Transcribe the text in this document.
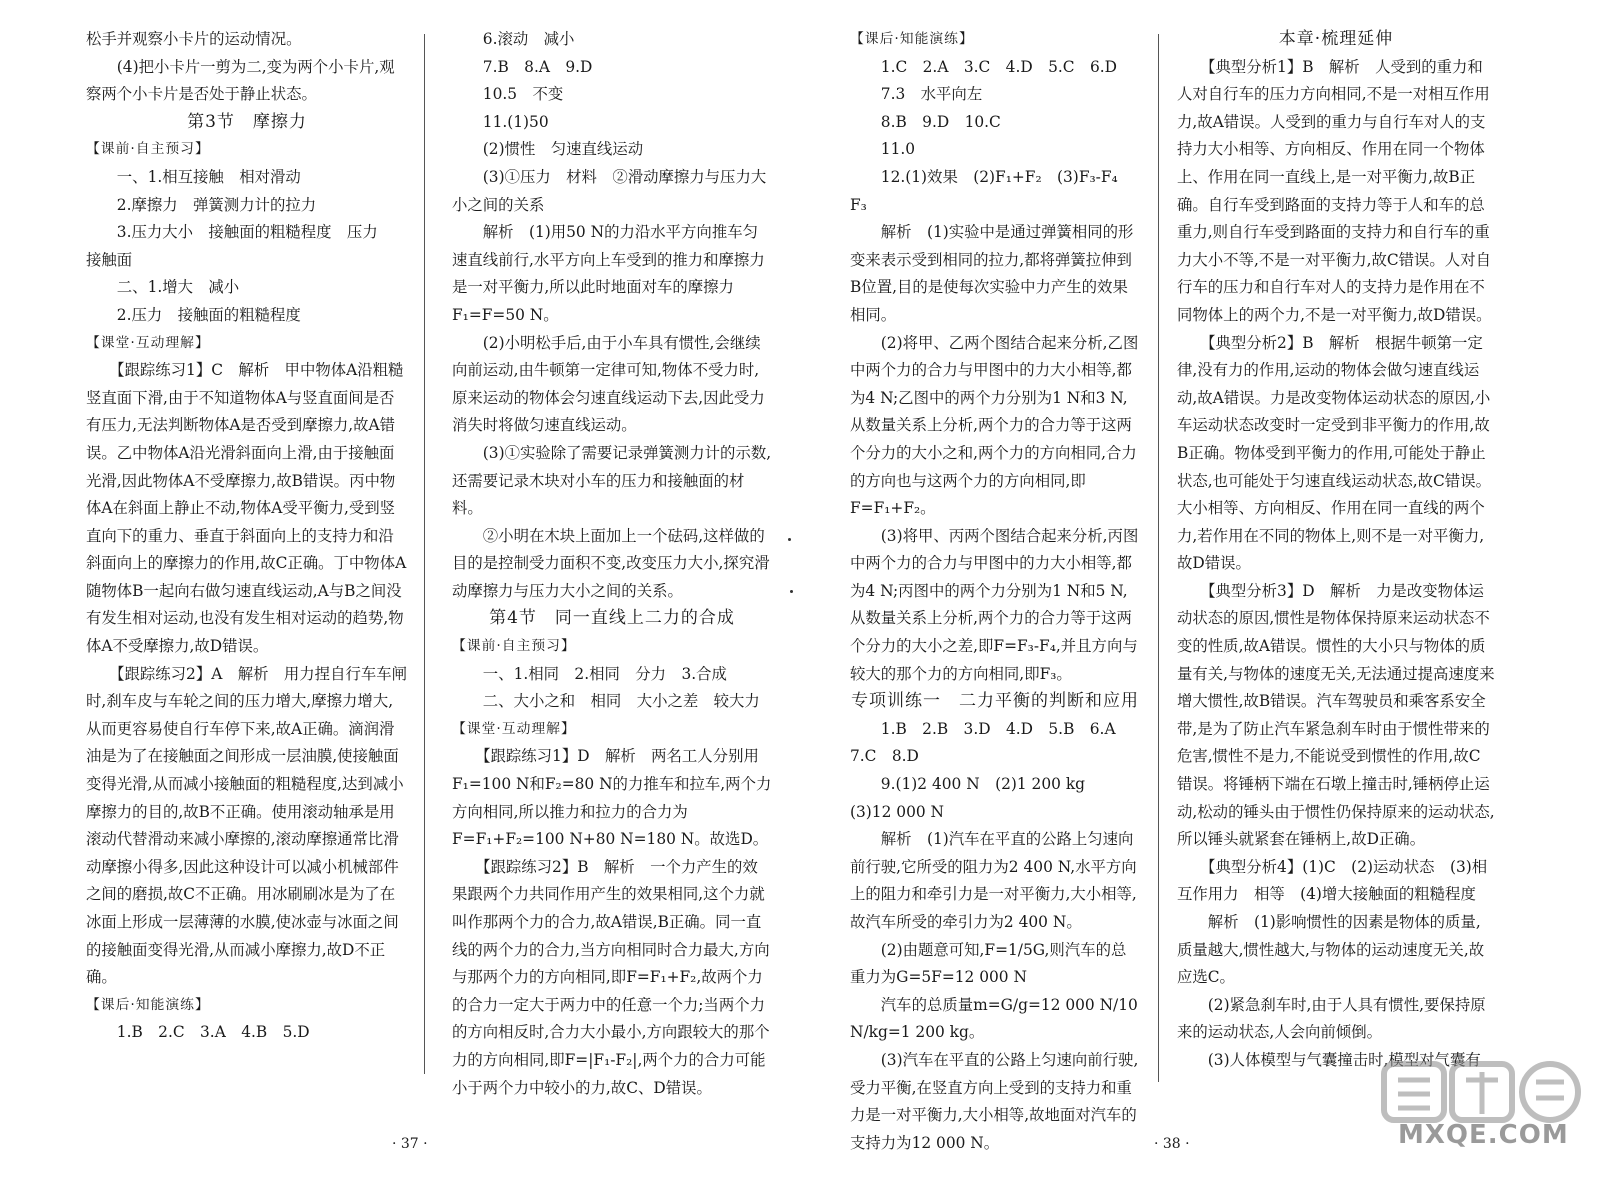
松手并观察小卡片的运动情况。

　　(4)把小卡片一剪为二,变为两个小卡片,观察两个小卡片是否处于静止状态。

第3节　摩擦力

【课前·自主预习】

　　一、1.相互接触　相对滑动

　　2.摩擦力　弹簧测力计的拉力

　　3.压力大小　接触面的粗糙程度　压力　接触面

　　二、1.增大　减小

　　2.压力　接触面的粗糙程度

【课堂·互动理解】

　　【跟踪练习1】C　解析　甲中物体A沿粗糙竖直面下滑,由于不知道物体A与竖直面间是否有压力,无法判断物体A是否受到摩擦力,故A错误。乙中物体A沿光滑斜面向上滑,由于接触面光滑,因此物体A不受摩擦力,故B错误。丙中物体A在斜面上静止不动,物体A受平衡力,受到竖直向下的重力、垂直于斜面向上的支持力和沿斜面向上的摩擦力的作用,故C正确。丁中物体A随物体B一起向右做匀速直线运动,A与B之间没有发生相对运动,也没有发生相对运动的趋势,物体A不受摩擦力,故D错误。

　　【跟踪练习2】A　解析　用力捏自行车车闸时,刹车皮与车轮之间的压力增大,摩擦力增大,从而更容易使自行车停下来,故A正确。滴润滑油是为了在接触面之间形成一层油膜,使接触面变得光滑,从而减小接触面的粗糙程度,达到减小摩擦力的目的,故B不正确。使用滚动轴承是用滚动代替滑动来减小摩擦的,滚动摩擦通常比滑动摩擦小得多,因此这种设计可以减小机械部件之间的磨损,故C不正确。用冰刷刷冰是为了在冰面上形成一层薄薄的水膜,使冰壶与冰面之间的接触面变得光滑,从而减小摩擦力,故D不正确。

【课后·知能演练】

　　1.B　2.C　3.A　4.B　5.D

　　6.滚动　减小

　　7.B　8.A　9.D

　　10.5　不变

　　11.(1)50

　　(2)惯性　匀速直线运动

　　(3)①压力　材料　②滑动摩擦力与压力大小之间的关系

　　解析　(1)用50 N的力沿水平方向推车匀速直线前行,水平方向上车受到的推力和摩擦力是一对平衡力,所以此时地面对车的摩擦力F₁=F=50 N。

　　(2)小明松手后,由于小车具有惯性,会继续向前运动,由牛顿第一定律可知,物体不受力时,原来运动的物体会匀速直线运动下去,因此受力消失时将做匀速直线运动。

　　(3)①实验除了需要记录弹簧测力计的示数,还需要记录木块对小车的压力和接触面的材料。

　　②小明在木块上面加上一个砝码,这样做的目的是控制受力面积不变,改变压力大小,探究滑动摩擦力与压力大小之间的关系。

第4节　同一直线上二力的合成

【课前·自主预习】

　　一、1.相同　2.相同　分力　3.合成

　　二、大小之和　相同　大小之差　较大力

【课堂·互动理解】

　　【跟踪练习1】D　解析　两名工人分别用F₁=100 N和F₂=80 N的力推车和拉车,两个力方向相同,所以推力和拉力的合力为F=F₁+F₂=100 N+80 N=180 N。故选D。

　　【跟踪练习2】B　解析　一个力产生的效果跟两个力共同作用产生的效果相同,这个力就叫作那两个力的合力,故A错误,B正确。同一直线的两个力的合力,当方向相同时合力最大,方向与那两个力的方向相同,即F=F₁+F₂,故两个力的合力一定大于两力中的任意一个力;当两个力的方向相反时,合力大小最小,方向跟较大的那个力的方向相同,即F=|F₁-F₂|,两个力的合力可能小于两个力中较小的力,故C、D错误。

【课后·知能演练】

　　1.C　2.A　3.C　4.D　5.C　6.D

　　7.3　水平向左

　　8.B　9.D　10.C

　　11.0

　　12.(1)效果　(2)F₁+F₂　(3)F₃-F₄　F₃

　　解析　(1)实验中是通过弹簧相同的形变来表示受到相同的拉力,都将弹簧拉伸到B位置,目的是使每次实验中力产生的效果相同。

　　(2)将甲、乙两个图结合起来分析,乙图中两个力的合力与甲图中的力大小相等,都为4 N;乙图中的两个力分别为1 N和3 N,从数量关系上分析,两个力的合力等于这两个分力的大小之和,两个力的方向相同,合力的方向也与这两个力的方向相同,即F=F₁+F₂。

　　(3)将甲、丙两个图结合起来分析,丙图中两个力的合力与甲图中的力大小相等,都为4 N;丙图中的两个力分别为1 N和5 N,从数量关系上分析,两个力的合力等于这两个分力的大小之差,即F=F₃-F₄,并且方向与较大的那个力的方向相同,即F₃。

专项训练一　二力平衡的判断和应用

　　1.B　2.B　3.D　4.D　5.B　6.A　7.C　8.D

　　9.(1)2 400 N　(2)1 200 kg　(3)12 000 N

　　解析　(1)汽车在平直的公路上匀速向前行驶,它所受的阻力为2 400 N,水平方向上的阻力和牵引力是一对平衡力,大小相等,故汽车所受的牵引力为2 400 N。

　　(2)由题意可知,F=1/5G,则汽车的总重力为G=5F=12 000 N

　　汽车的总质量m=G/g=12 000 N/10 N/kg=1 200 kg。

　　(3)汽车在平直的公路上匀速向前行驶,受力平衡,在竖直方向上受到的支持力和重力是一对平衡力,大小相等,故地面对汽车的支持力为12 000 N。

本章·梳理延伸

　　【典型分析1】B　解析　人受到的重力和人对自行车的压力方向相同,不是一对相互作用力,故A错误。人受到的重力与自行车对人的支持力大小相等、方向相反、作用在同一个物体上、作用在同一直线上,是一对平衡力,故B正确。自行车受到路面的支持力等于人和车的总重力,则自行车受到路面的支持力和自行车的重力大小不等,不是一对平衡力,故C错误。人对自行车的压力和自行车对人的支持力是作用在不同物体上的两个力,不是一对平衡力,故D错误。

　　【典型分析2】B　解析　根据牛顿第一定律,没有力的作用,运动的物体会做匀速直线运动,故A错误。力是改变物体运动状态的原因,小车运动状态改变时一定受到非平衡力的作用,故B正确。物体受到平衡力的作用,可能处于静止状态,也可能处于匀速直线运动状态,故C错误。大小相等、方向相反、作用在同一直线的两个力,若作用在不同的物体上,则不是一对平衡力,故D错误。

　　【典型分析3】D　解析　力是改变物体运动状态的原因,惯性是物体保持原来运动状态不变的性质,故A错误。惯性的大小只与物体的质量有关,与物体的速度无关,无法通过提高速度来增大惯性,故B错误。汽车驾驶员和乘客系安全带,是为了防止汽车紧急刹车时由于惯性带来的危害,惯性不是力,不能说受到惯性的作用,故C错误。将锤柄下端在石墩上撞击时,锤柄停止运动,松动的锤头由于惯性仍保持原来的运动状态,所以锤头就紧套在锤柄上,故D正确。

　　【典型分析4】(1)C　(2)运动状态　(3)相互作用力　相等　(4)增大接触面的粗糙程度

　　解析　(1)影响惯性的因素是物体的质量,质量越大,惯性越大,与物体的运动速度无关,故应选C。

　　(2)紧急刹车时,由于人具有惯性,要保持原来的运动状态,人会向前倾倒。

　　(3)人体模型与气囊撞击时,模型对气囊有

· 37 ·	· 38 ·	MXQE.COM
